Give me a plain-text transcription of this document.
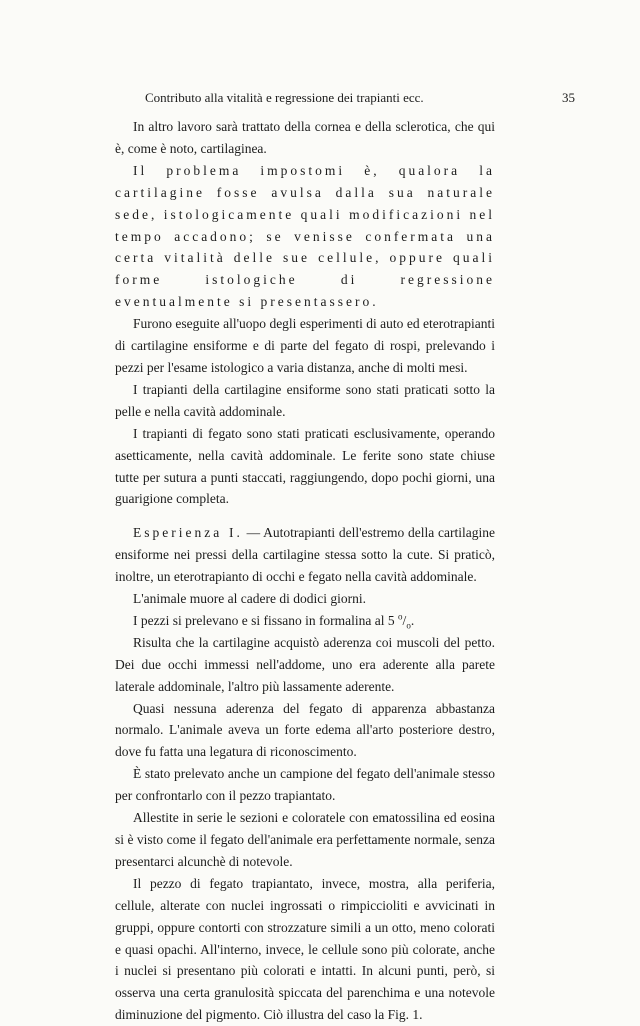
Contributo alla vitalità e regressione dei trapianti ecc.	35

In altro lavoro sarà trattato della cornea e della sclerotica, che qui è, come è noto, cartilaginea.

Il problema impostomi è, qualora la cartilagine fosse avulsa dalla sua naturale sede, istologicamente quali modificazioni nel tempo accadono; se venisse confermata una certa vitalità delle sue cellule, oppure quali forme istologiche di regressione eventualmente si presentassero.

Furono eseguite all'uopo degli esperimenti di auto ed eterotrapianti di cartilagine ensiforme e di parte del fegato di rospi, prelevando i pezzi per l'esame istologico a varia distanza, anche di molti mesi.

I trapianti della cartilagine ensiforme sono stati praticati sotto la pelle e nella cavità addominale.

I trapianti di fegato sono stati praticati esclusivamente, operando asetticamente, nella cavità addominale. Le ferite sono state chiuse tutte per sutura a punti staccati, raggiungendo, dopo pochi giorni, una guarigione completa.

Esperienza I. — Autotrapianti dell'estremo della cartilagine ensiforme nei pressi della cartilagine stessa sotto la cute. Si praticò, inoltre, un eterotrapianto di occhi e fegato nella cavità addominale.

L'animale muore al cadere di dodici giorni.

I pezzi si prelevano e si fissano in formalina al 5 $^o/_o$.

Risulta che la cartilagine acquistò aderenza coi muscoli del petto. Dei due occhi immessi nell'addome, uno era aderente alla parete laterale addominale, l'altro più lassamente aderente.

Quasi nessuna aderenza del fegato di apparenza abbastanza normalo. L'animale aveva un forte edema all'arto posteriore destro, dove fu fatta una legatura di riconoscimento.

È stato prelevato anche un campione del fegato dell'animale stesso per confrontarlo con il pezzo trapiantato.

Allestite in serie le sezioni e coloratele con ematossilina ed eosina si è visto come il fegato dell'animale era perfettamente normale, senza presentarci alcunchè di notevole.

Il pezzo di fegato trapiantato, invece, mostra, alla periferia, cellule, alterate con nuclei ingrossati o rimpiccioliti e avvicinati in gruppi, oppure contorti con strozzature simili a un otto, meno colorati e quasi opachi. All'interno, invece, le cellule sono più colorate, anche i nuclei si presentano più colorati e intatti. In alcuni punti, però, si osserva una certa granulosità spiccata del parenchima e una notevole diminuzione del pigmento. Ciò illustra del caso la Fig. 1.
